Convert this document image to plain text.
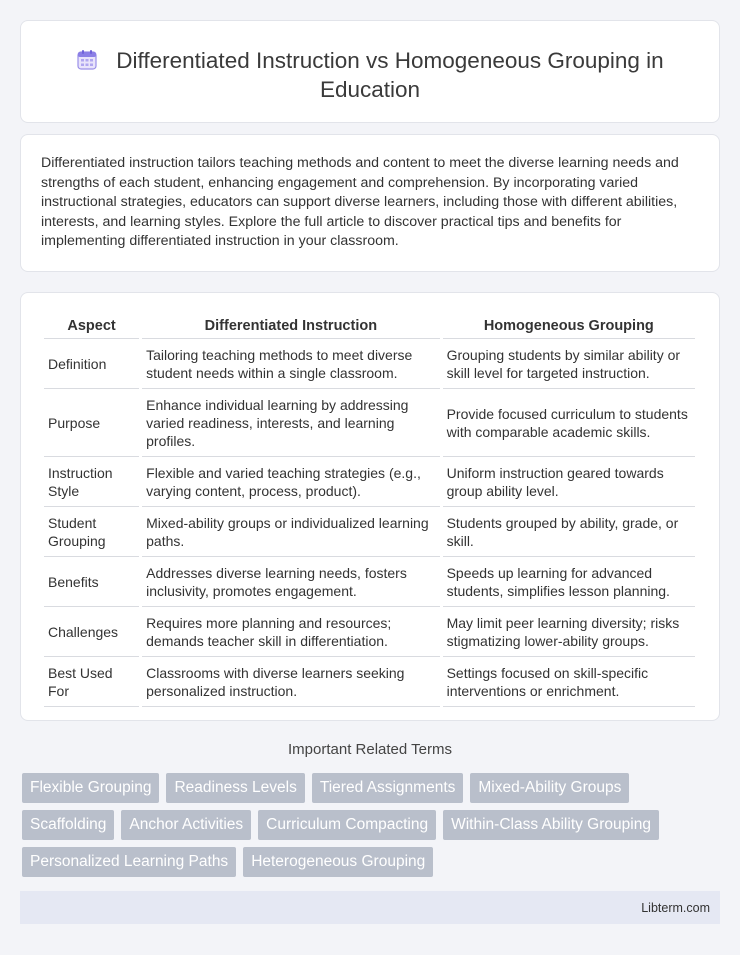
Differentiated Instruction vs Homogeneous Grouping in Education

Differentiated instruction tailors teaching methods and content to meet the diverse learning needs and strengths of each student, enhancing engagement and comprehension. By incorporating varied instructional strategies, educators can support diverse learners, including those with different abilities, interests, and learning styles. Explore the full article to discover practical tips and benefits for implementing differentiated instruction in your classroom.

Aspect	Differentiated Instruction	Homogeneous Grouping
Definition	Tailoring teaching methods to meet diverse student needs within a single classroom.	Grouping students by similar ability or skill level for targeted instruction.
Purpose	Enhance individual learning by addressing varied readiness, interests, and learning profiles.	Provide focused curriculum to students with comparable academic skills.
Instruction Style	Flexible and varied teaching strategies (e.g., varying content, process, product).	Uniform instruction geared towards group ability level.
Student Grouping	Mixed-ability groups or individualized learning paths.	Students grouped by ability, grade, or skill.
Benefits	Addresses diverse learning needs, fosters inclusivity, promotes engagement.	Speeds up learning for advanced students, simplifies lesson planning.
Challenges	Requires more planning and resources; demands teacher skill in differentiation.	May limit peer learning diversity; risks stigmatizing lower-ability groups.
Best Used For	Classrooms with diverse learners seeking personalized instruction.	Settings focused on skill-specific interventions or enrichment.
Important Related Terms
Flexible Grouping	Readiness Levels	Tiered Assignments	Mixed-Ability Groups
Scaffolding	Anchor Activities	Curriculum Compacting	Within-Class Ability Grouping
Personalized Learning Paths	Heterogeneous Grouping
Libterm.com
